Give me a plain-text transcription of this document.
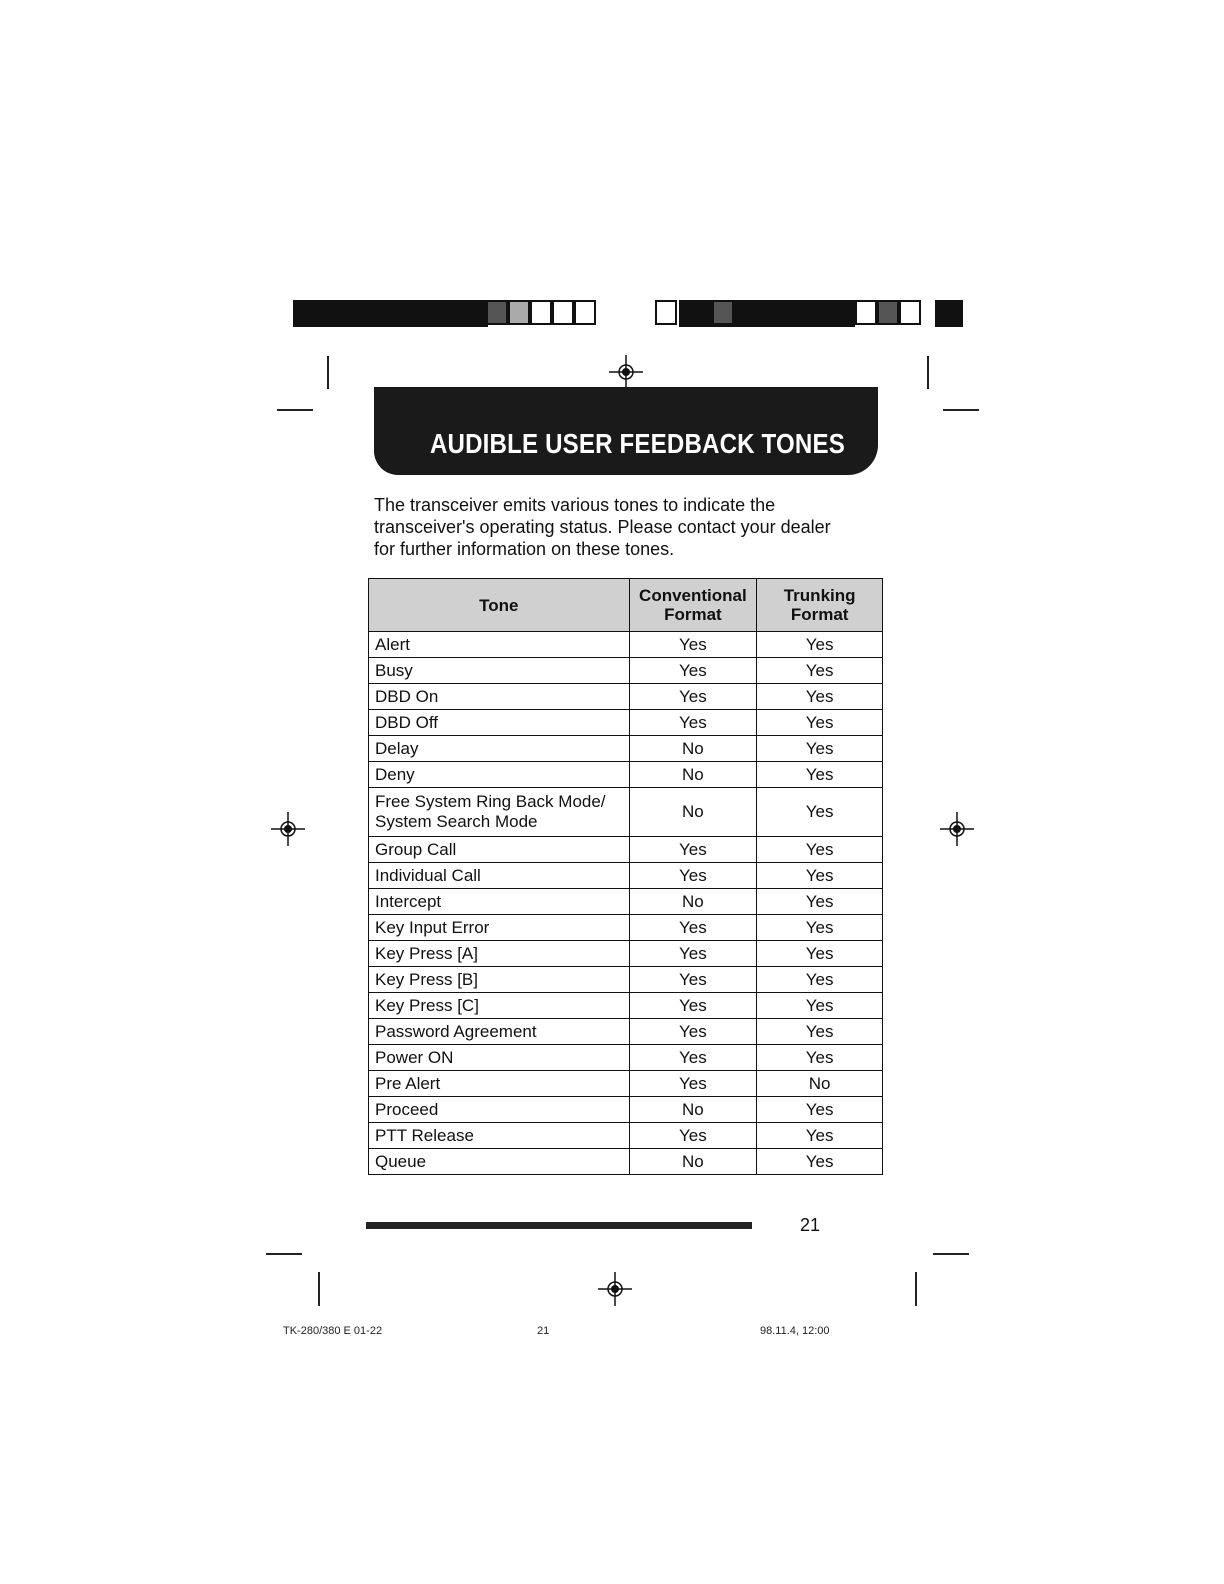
AUDIBLE USER FEEDBACK TONES
The transceiver emits various tones to indicate the transceiver's operating status. Please contact your dealer for further information on these tones.
Tone	Conventional Format	Trunking Format
Alert	Yes	Yes
Busy	Yes	Yes
DBD On	Yes	Yes
DBD Off	Yes	Yes
Delay	No	Yes
Deny	No	Yes
Free System Ring Back Mode/ System Search Mode	No	Yes
Group Call	Yes	Yes
Individual Call	Yes	Yes
Intercept	No	Yes
Key Input Error	Yes	Yes
Key Press [A]	Yes	Yes
Key Press [B]	Yes	Yes
Key Press [C]	Yes	Yes
Password Agreement	Yes	Yes
Power ON	Yes	Yes
Pre Alert	Yes	No
Proceed	No	Yes
PTT Release	Yes	Yes
Queue	No	Yes
21
TK-280/380 E 01-22	21	98.11.4, 12:00
